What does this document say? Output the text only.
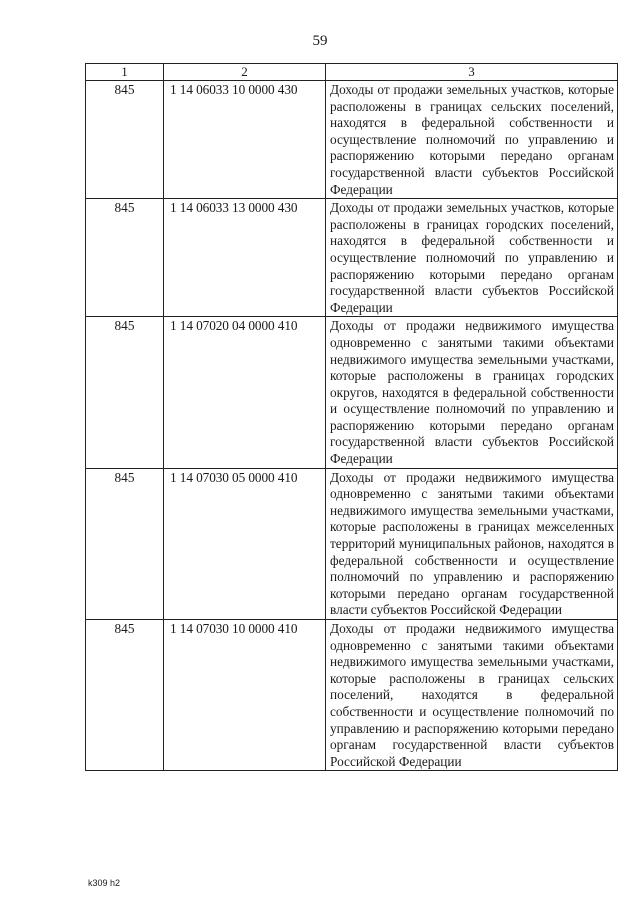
59
1	2	3
845	1 14 06033 10 0000 430	Доходы от продажи земельных участков, которые расположены в границах сельских поселений, находятся в федеральной собственности и осуществление полномочий по управлению и распоряжению которыми передано органам государственной власти субъектов Российской Федерации
845	1 14 06033 13 0000 430	Доходы от продажи земельных участков, которые расположены в границах городских поселений, находятся в федеральной собственности и осуществление полномочий по управлению и распоряжению которыми передано органам государственной власти субъектов Российской Федерации
845	1 14 07020 04 0000 410	Доходы от продажи недвижимого имущества одновременно с занятыми такими объектами недвижимого имущества земельными участками, которые расположены в границах городских округов, находятся в федеральной собственности и осуществление полномочий по управлению и распоряжению которыми передано органам государственной власти субъектов Российской Федерации
845	1 14 07030 05 0000 410	Доходы от продажи недвижимого имущества одновременно с занятыми такими объектами недвижимого имущества земельными участками, которые расположены в границах межселенных территорий муниципальных районов, находятся в федеральной собственности и осуществление полномочий по управлению и распоряжению которыми передано органам государственной власти субъектов Российской Федерации
845	1 14 07030 10 0000 410	Доходы от продажи недвижимого имущества одновременно с занятыми такими объектами недвижимого имущества земельными участками, которые расположены в границах сельских поселений, находятся в федеральной собственности и осуществление полномочий по управлению и распоряжению которыми передано органам государственной власти субъектов Российской Федерации
k309 h2
